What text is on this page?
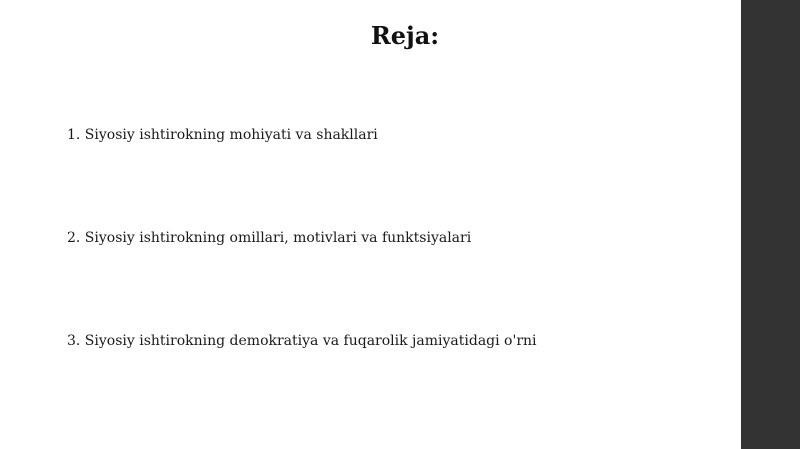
Reja:

1. Siyosiy ishtirokning mohiyati va shakllari

2. Siyosiy ishtirokning omillari, motivlari va funktsiyalari

3. Siyosiy ishtirokning demokratiya va fuqarolik jamiyatidagi o'rni
